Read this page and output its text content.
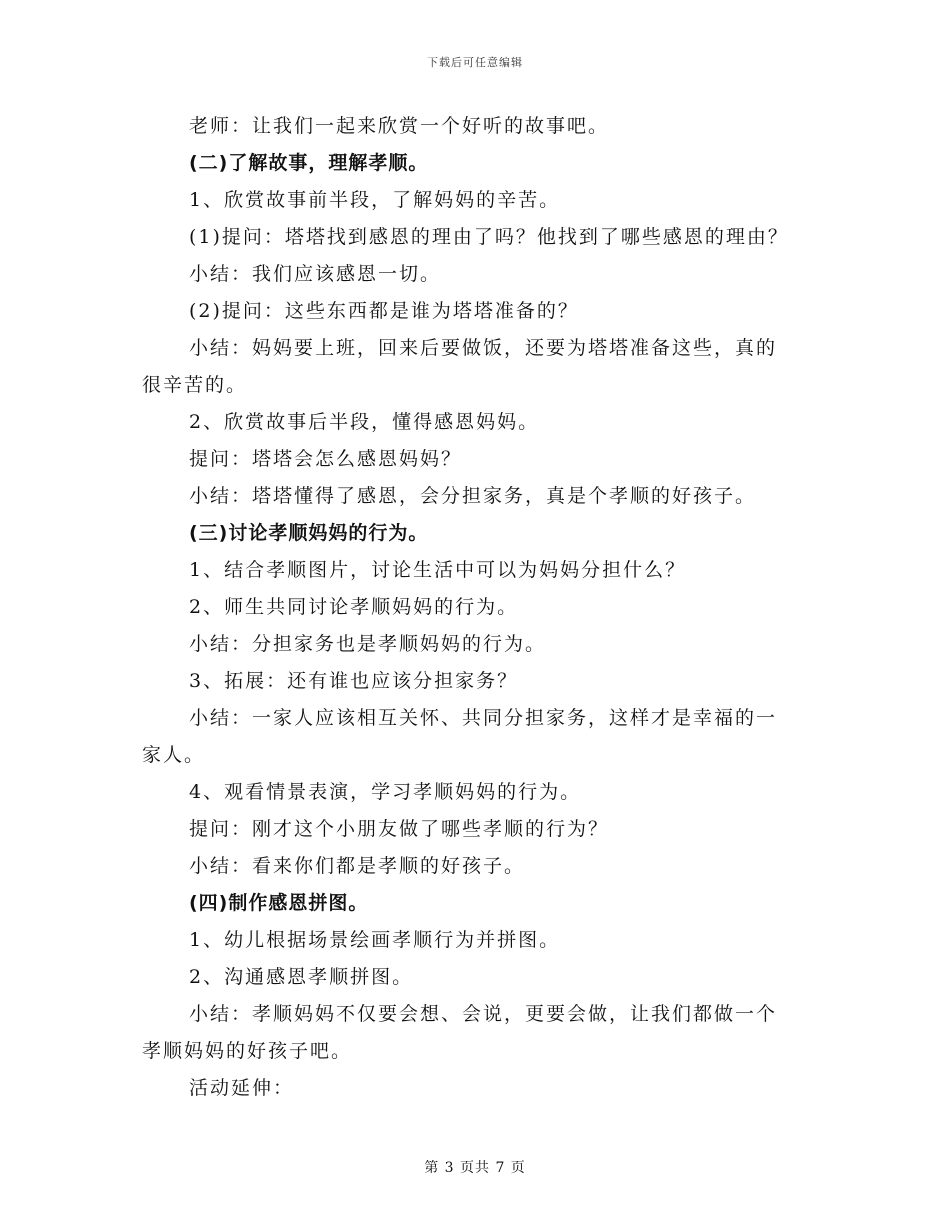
下载后可任意编辑
老师：让我们一起来欣赏一个好听的故事吧。
(二)了解故事，理解孝顺。
1、欣赏故事前半段，了解妈妈的辛苦。
(1)提问：塔塔找到感恩的理由了吗？他找到了哪些感恩的理由？
小结：我们应该感恩一切。
(2)提问：这些东西都是谁为塔塔准备的？
小结：妈妈要上班，回来后要做饭，还要为塔塔准备这些，真的
很辛苦的。
2、欣赏故事后半段，懂得感恩妈妈。
提问：塔塔会怎么感恩妈妈？
小结：塔塔懂得了感恩，会分担家务，真是个孝顺的好孩子。
(三)讨论孝顺妈妈的行为。
1、结合孝顺图片，讨论生活中可以为妈妈分担什么？
2、师生共同讨论孝顺妈妈的行为。
小结：分担家务也是孝顺妈妈的行为。
3、拓展：还有谁也应该分担家务？
小结：一家人应该相互关怀、共同分担家务，这样才是幸福的一
家人。
4、观看情景表演，学习孝顺妈妈的行为。
提问：刚才这个小朋友做了哪些孝顺的行为？
小结：看来你们都是孝顺的好孩子。
(四)制作感恩拼图。
1、幼儿根据场景绘画孝顺行为并拼图。
2、沟通感恩孝顺拼图。
小结：孝顺妈妈不仅要会想、会说，更要会做，让我们都做一个
孝顺妈妈的好孩子吧。
活动延伸：
第 3 页共 7 页
